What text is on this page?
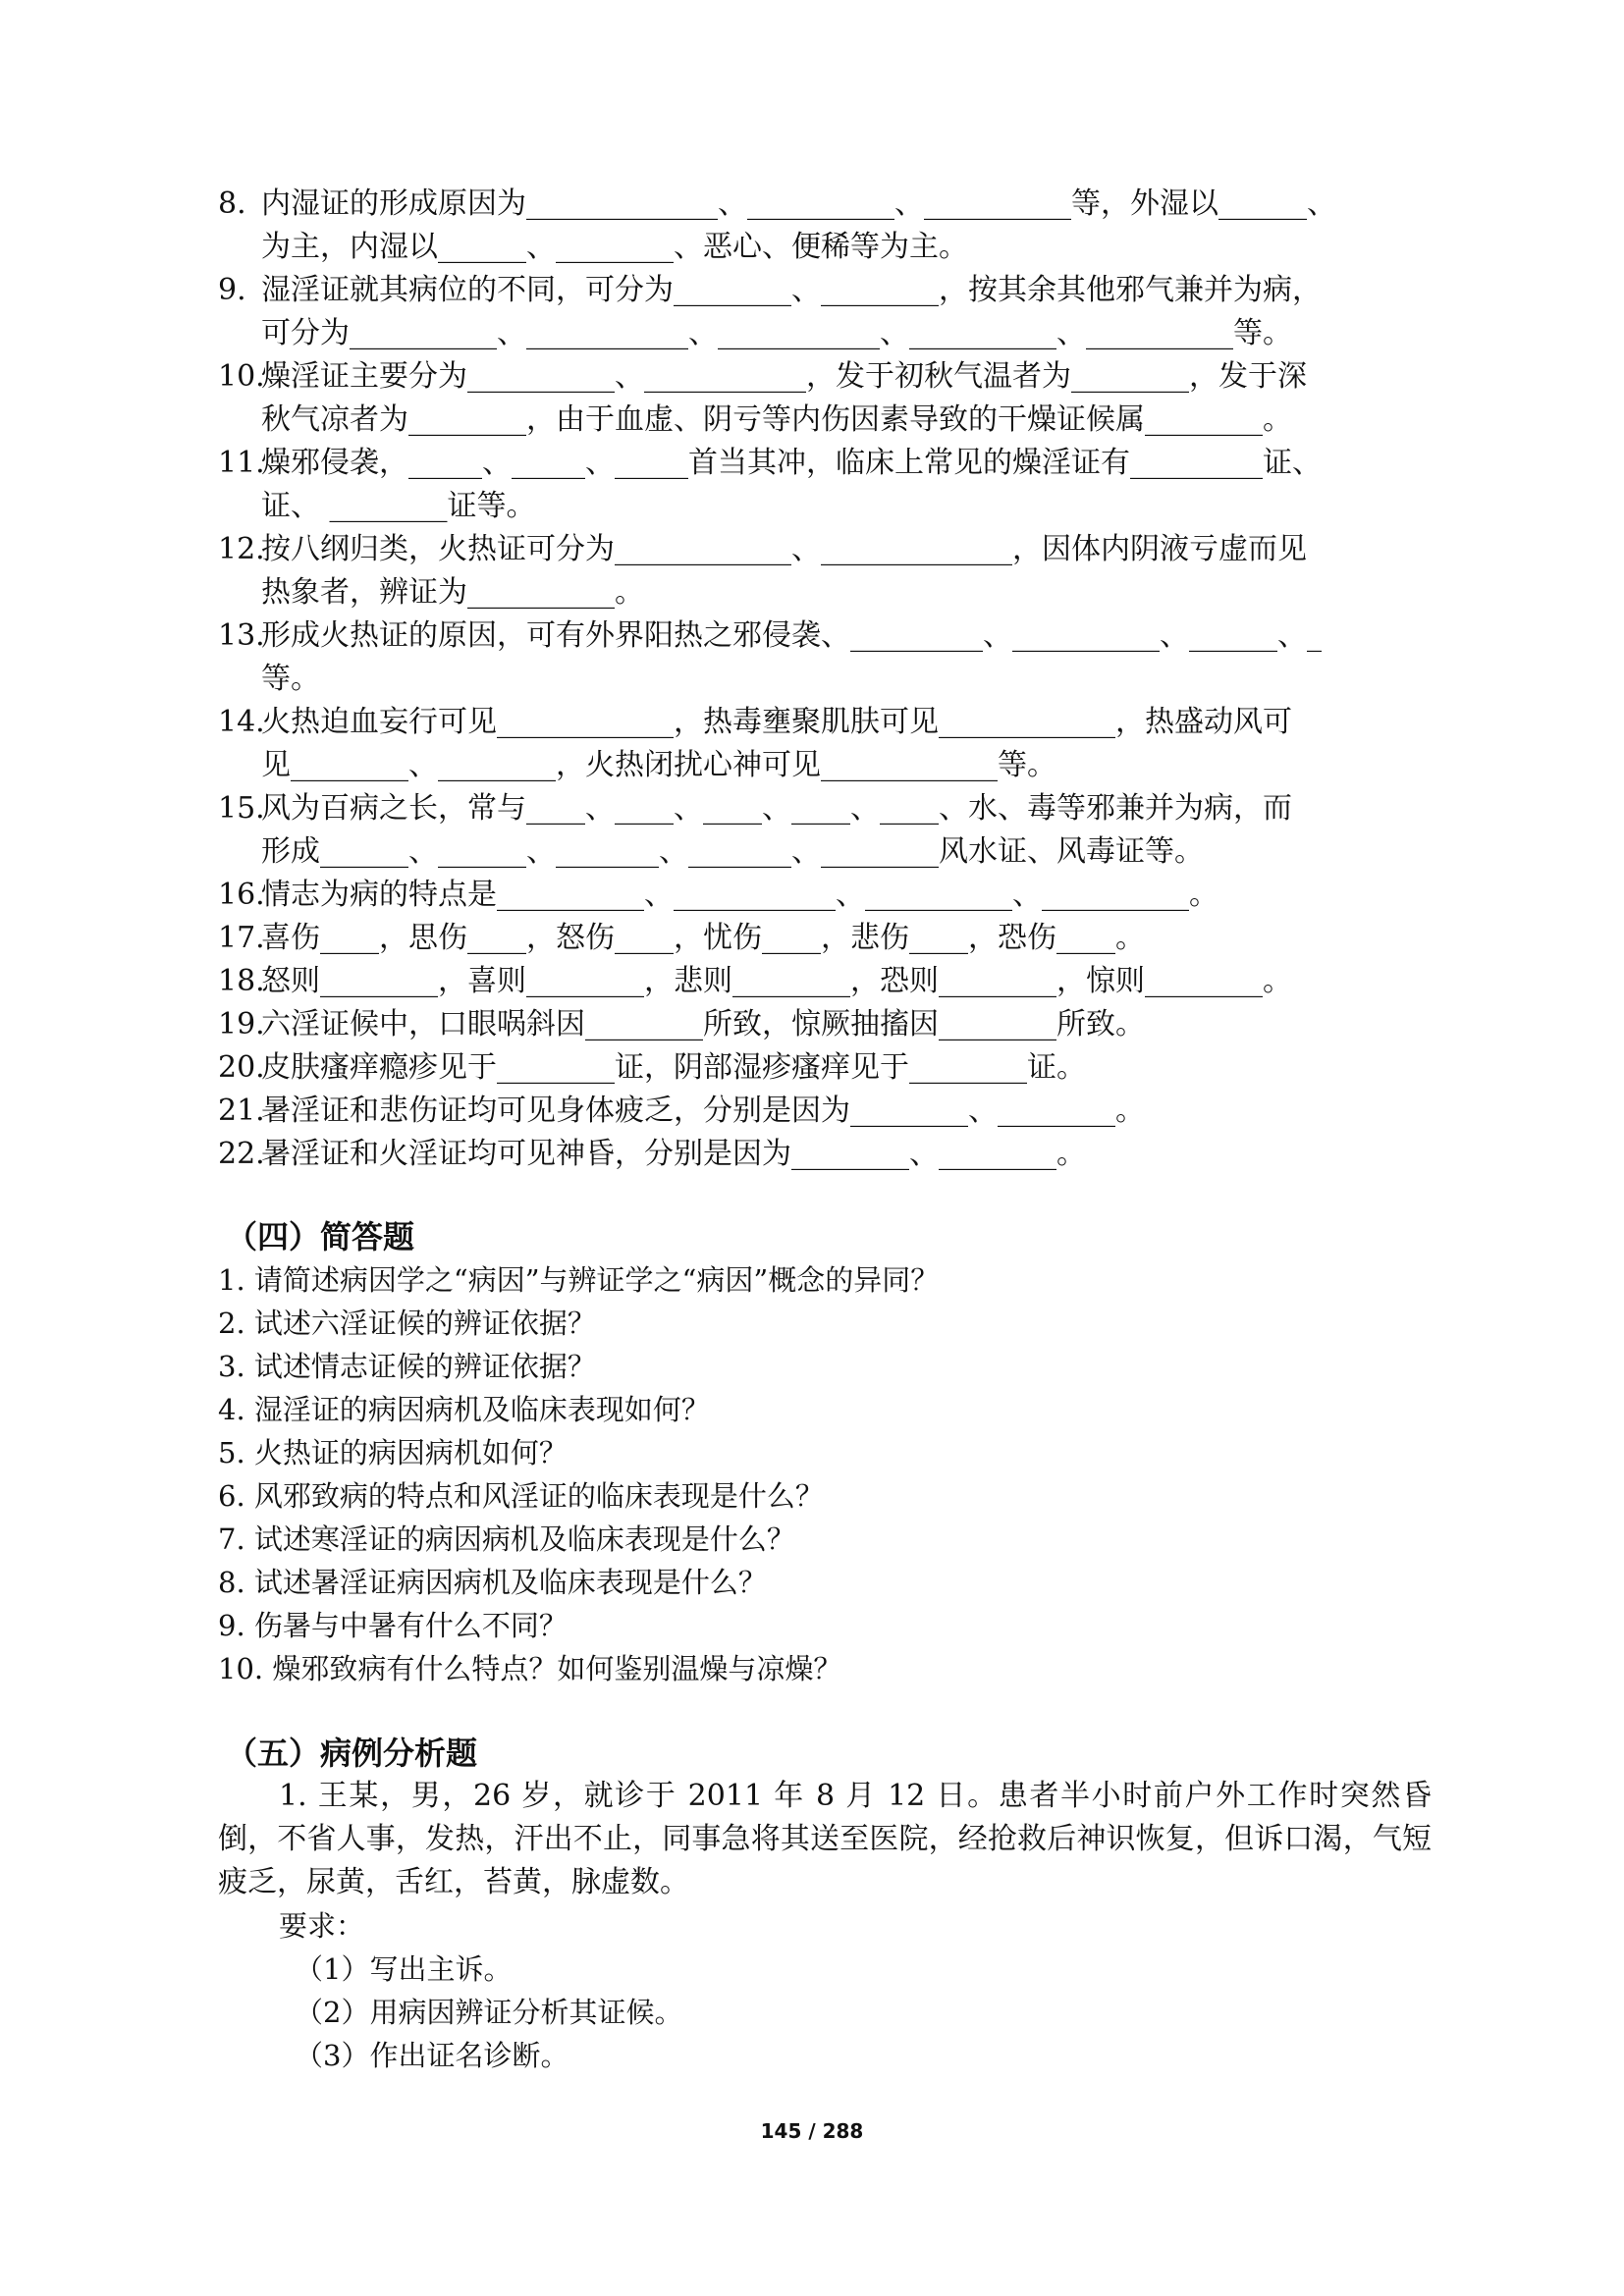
8. 内湿证的形成原因为_____________、__________、__________等，外湿以______、
为主，内湿以______、________、恶心、便稀等为主。
9. 湿淫证就其病位的不同，可分为________、________，按其余其他邪气兼并为病，
可分为__________、___________、___________、__________、__________等。
10.
燥淫证主要分为__________、___________，发于初秋气温者为________，发于深
秋气凉者为________，由于血虚、阴亏等内伤因素导致的干燥证候属________。
11.
燥邪侵袭，_____、_____、_____首当其冲，临床上常见的燥淫证有_________证、
证、 ________证等。
12.
按八纲归类，火热证可分为____________、_____________，因体内阴液亏虚而见
热象者，辨证为__________。
13.
形成火热证的原因，可有外界阳热之邪侵袭、_________、__________、______、_
等。
14.
火热迫血妄行可见____________，热毒壅聚肌肤可见____________，热盛动风可
见________、________，火热闭扰心神可见____________等。
15.
风为百病之长，常与____、____、____、____、____、水、毒等邪兼并为病，而
形成______、______、_______、_______、________风水证、风毒证等。
16.
情志为病的特点是__________、___________、__________、__________。
17.
喜伤____，思伤____，怒伤____，忧伤____，悲伤____，恐伤____。
18.
怒则________，喜则________，悲则________，恐则________，惊则________。
19.
六淫证候中，口眼㖞斜因________所致，惊厥抽搐因________所致。
20.
皮肤瘙痒瘾疹见于________证，阴部湿疹瘙痒见于________证。
21.
暑淫证和悲伤证均可见身体疲乏，分别是因为________、________。
22.
暑淫证和火淫证均可见神昏，分别是因为________、________。
（四）简答题
1. 请简述病因学之“病因”与辨证学之“病因”概念的异同？
2. 试述六淫证候的辨证依据？
3. 试述情志证候的辨证依据？
4. 湿淫证的病因病机及临床表现如何？
5. 火热证的病因病机如何？
6. 风邪致病的特点和风淫证的临床表现是什么？
7. 试述寒淫证的病因病机及临床表现是什么？
8. 试述暑淫证病因病机及临床表现是什么？
9. 伤暑与中暑有什么不同？
10. 燥邪致病有什么特点？如何鉴别温燥与凉燥？
（五）病例分析题
1. 王某，男，26 岁，就诊于 2011 年 8 月 12 日。患者半小时前户外工作时突然昏倒，不省人事，发热，汗出不止，同事急将其送至医院，经抢救后神识恢复，但诉口渴，气短疲乏，尿黄，舌红，苔黄，脉虚数。
要求：
（1）写出主诉。
（2）用病因辨证分析其证候。
（3）作出证名诊断。
145 / 288
